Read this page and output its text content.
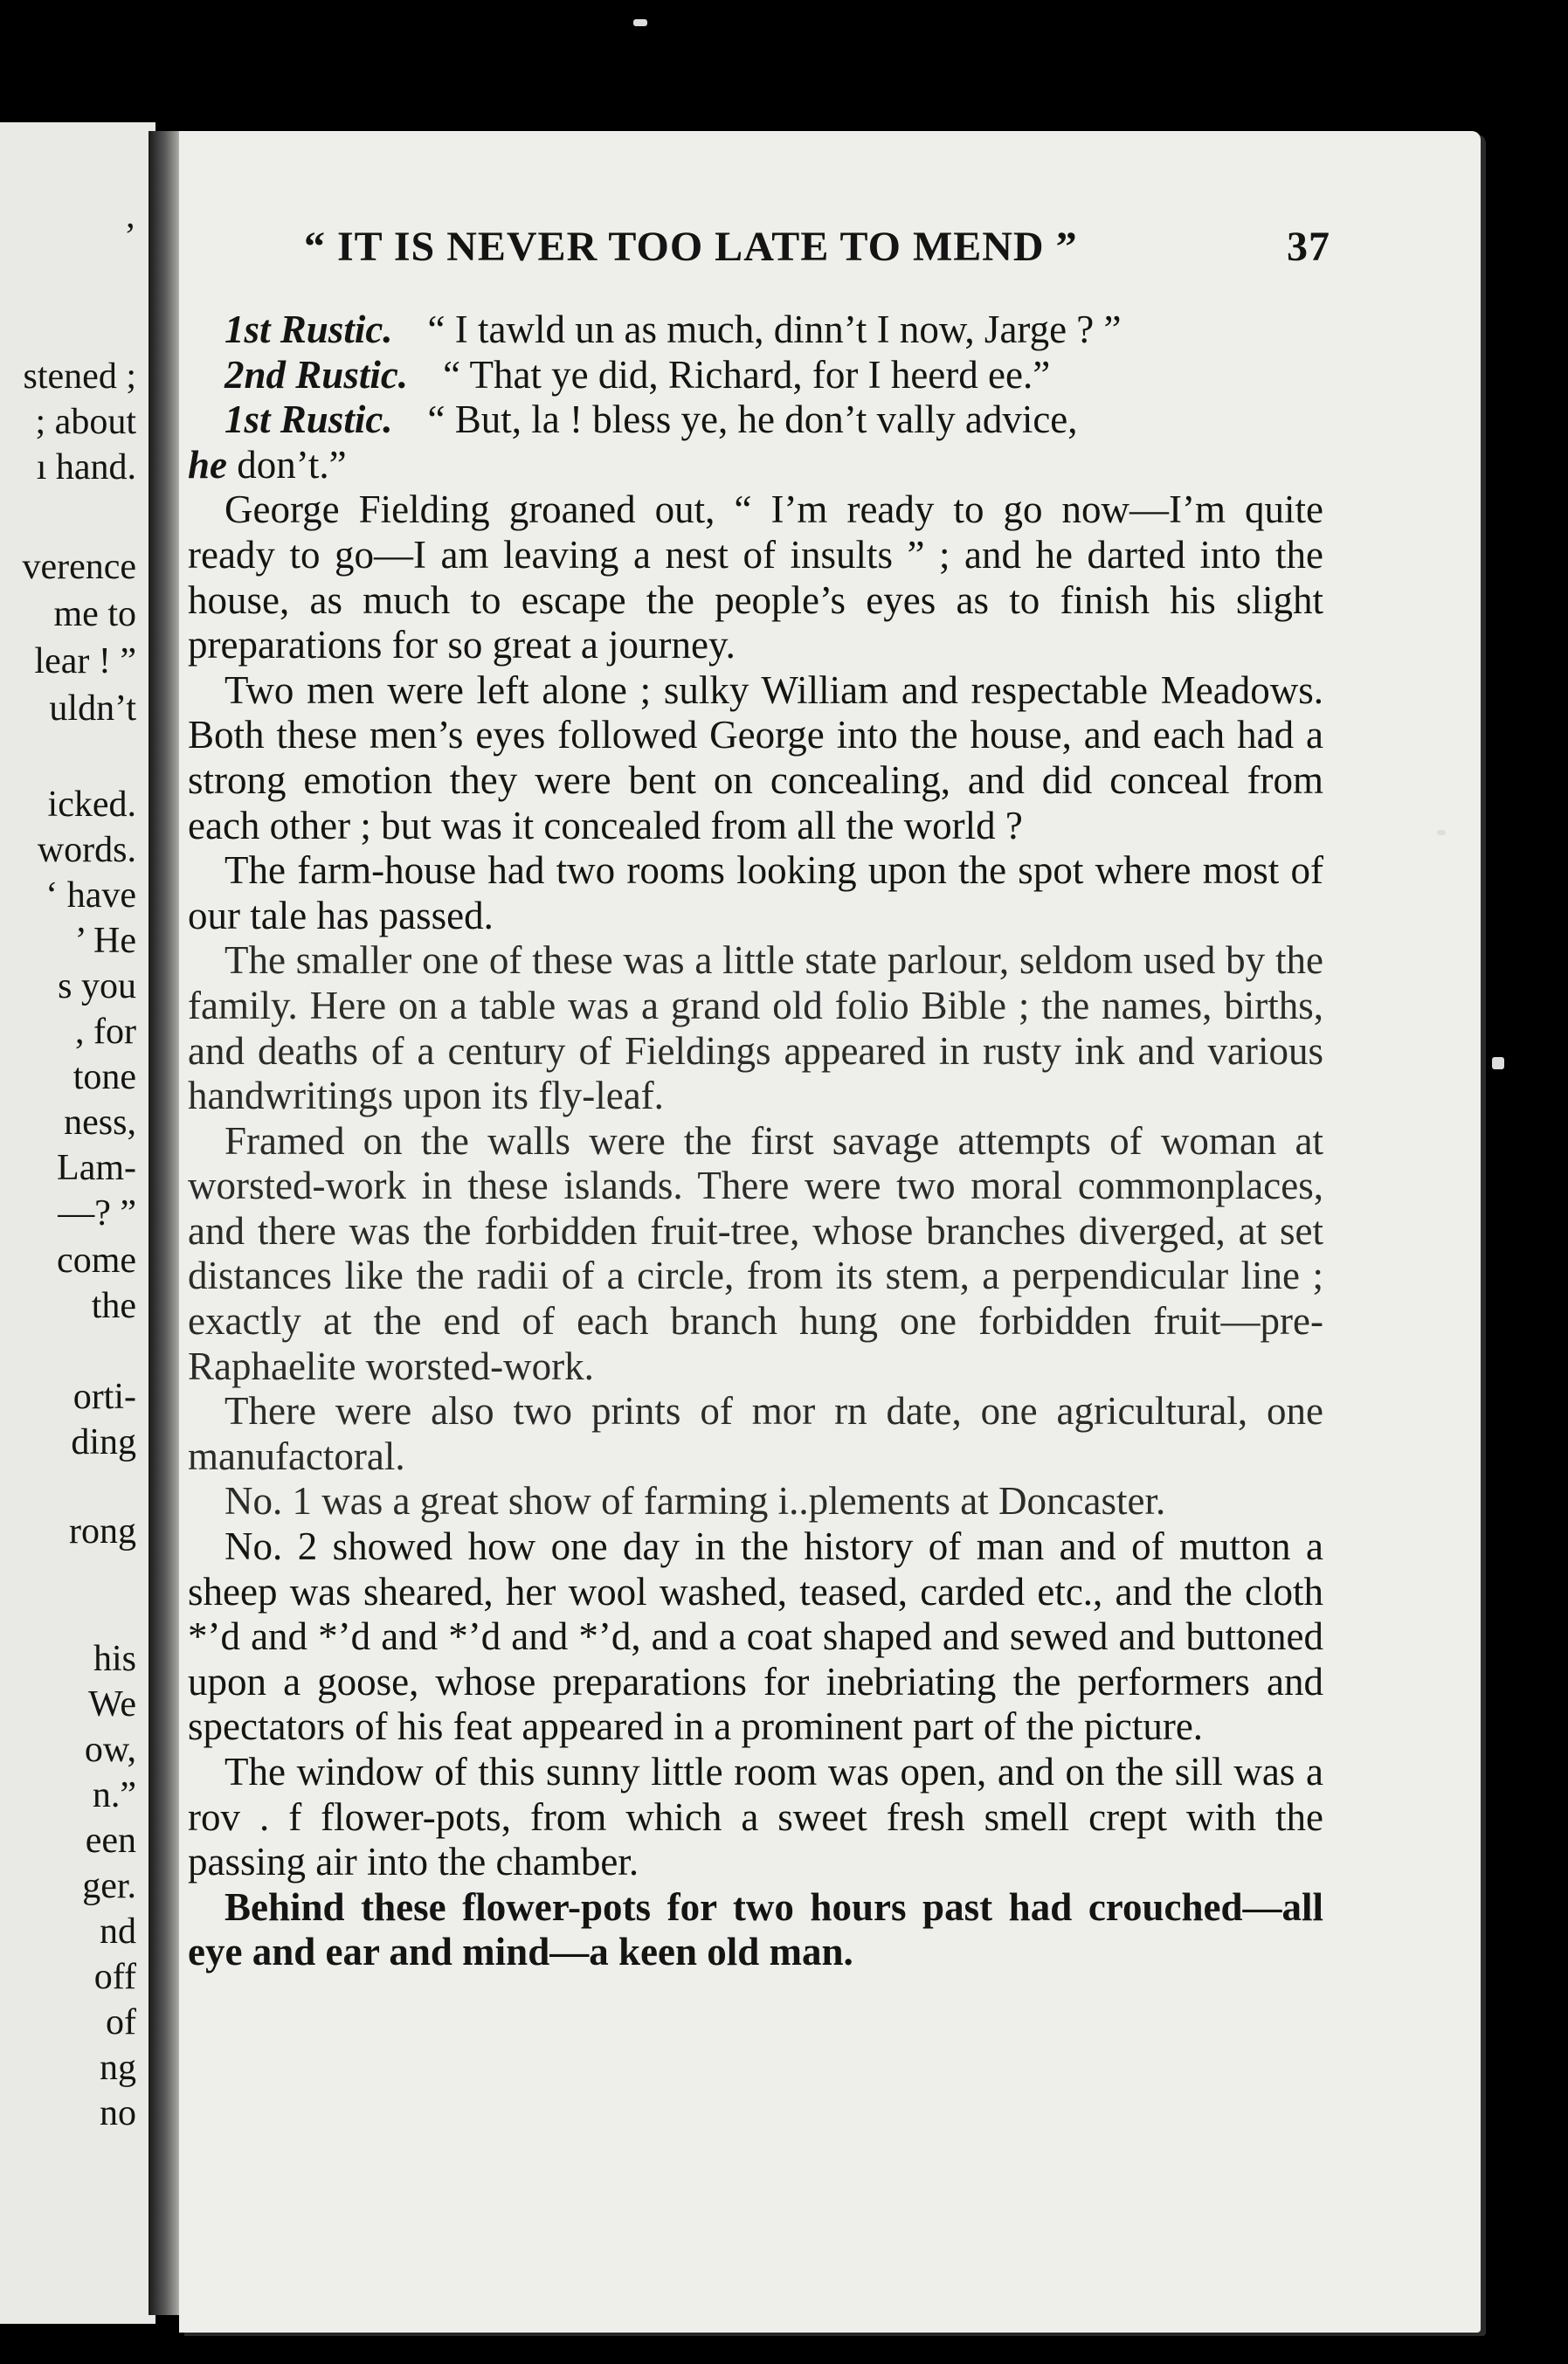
’
stened ;
; about
ı hand.
verence
me to
lear ! ”
uldn’t
icked.
words.
‘ have
’ He
s you
, for
tone
ness,
Lam-
—? ”
come
the
orti-
ding
rong
his
We
ow,
n.”
een
ger.
nd
off
of
ng
no
“ IT IS NEVER TOO LATE TO MEND ”	37

1st Rustic. “ I tawld un as much, dinn’t I now, Jarge ? ”

2nd Rustic. “ That ye did, Richard, for I heerd ee.”

1st Rustic. “ But, la ! bless ye, he don’t vally advice,

he don’t.”

George Fielding groaned out, “ I’m ready to go now—I’m quite ready to go—I am leaving a nest of insults ” ; and he darted into the house, as much to escape the people’s eyes as to finish his slight preparations for so great a journey.

Two men were left alone ; sulky William and respectable Meadows. Both these men’s eyes followed George into the house, and each had a strong emotion they were bent on concealing, and did conceal from each other ; but was it concealed from all the world ?

The farm-house had two rooms looking upon the spot where most of our tale has passed.

The smaller one of these was a little state parlour, seldom used by the family. Here on a table was a grand old folio Bible ; the names, births, and deaths of a century of Fieldings appeared in rusty ink and various handwritings upon its fly-leaf.

Framed on the walls were the first savage attempts of woman at worsted-work in these islands. There were two moral commonplaces, and there was the forbidden fruit-tree, whose branches diverged, at set distances like the radii of a circle, from its stem, a perpendicular line ; exactly at the end of each branch hung one forbidden fruit—pre-Raphaelite worsted-work.

There were also two prints of mor rn date, one agricultural, one manufactoral.

No. 1 was a great show of farming i..plements at Doncaster.

No. 2 showed how one day in the history of man and of mutton a sheep was sheared, her wool washed, teased, carded etc., and the cloth *’d and *’d and *’d and *’d, and a coat shaped and sewed and buttoned upon a goose, whose preparations for inebriating the performers and spectators of his feat appeared in a prominent part of the picture.

The window of this sunny little room was open, and on the sill was a rov . f flower-pots, from which a sweet fresh smell crept with the passing air into the chamber.

Behind these flower-pots for two hours past had crouched—all eye and ear and mind—a keen old man.
